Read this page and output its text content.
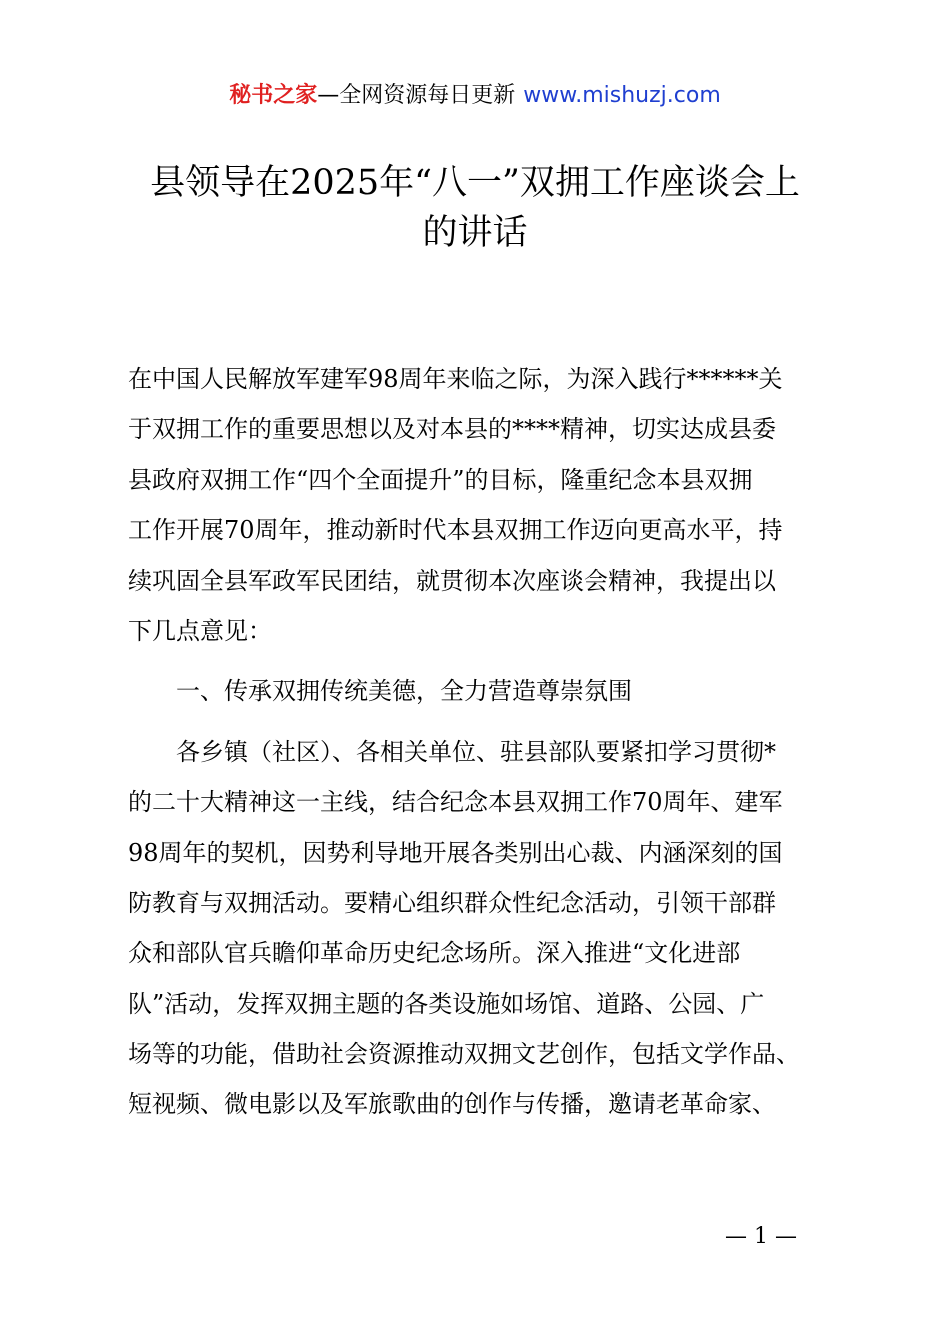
秘书之家—全网资源每日更新 www.mishuzj.com
县领导在2025年“八一”双拥工作座谈会上
的讲话
在中国人民解放军建军98周年来临之际，为深入践行******关
于双拥工作的重要思想以及对本县的****精神，切实达成县委
县政府双拥工作“四个全面提升”的目标，隆重纪念本县双拥
工作开展70周年，推动新时代本县双拥工作迈向更高水平，持
续巩固全县军政军民团结，就贯彻本次座谈会精神，我提出以
下几点意见：
一、传承双拥传统美德，全力营造尊崇氛围
各乡镇（社区）、各相关单位、驻县部队要紧扣学习贯彻*
的二十大精神这一主线，结合纪念本县双拥工作70周年、建军
98周年的契机，因势利导地开展各类别出心裁、内涵深刻的国
防教育与双拥活动。要精心组织群众性纪念活动，引领干部群
众和部队官兵瞻仰革命历史纪念场所。深入推进“文化进部
队”活动，发挥双拥主题的各类设施如场馆、道路、公园、广
场等的功能，借助社会资源推动双拥文艺创作，包括文学作品、
短视频、微电影以及军旅歌曲的创作与传播，邀请老革命家、
— 1 —
